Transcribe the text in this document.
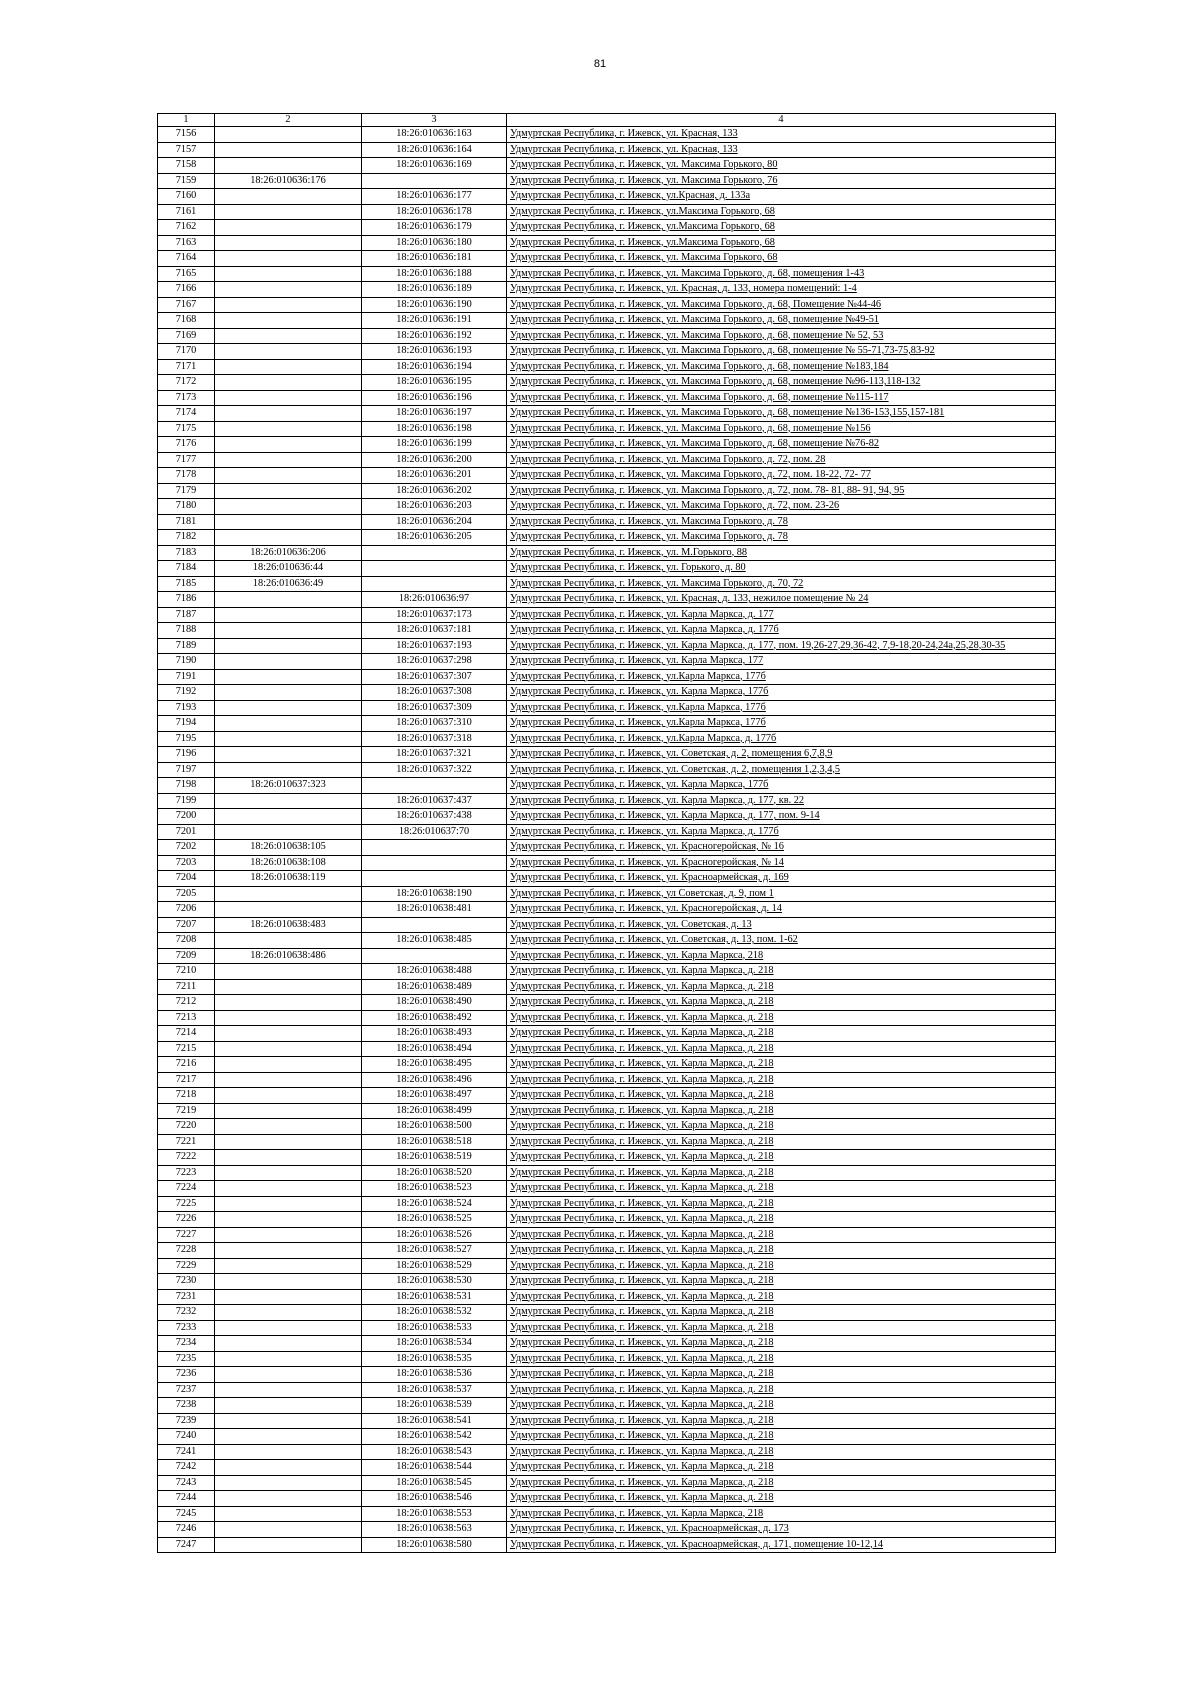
81
1	2	3	4
7156		18:26:010636:163	Удмуртская Республика, г. Ижевск, ул. Красная, 133
7157		18:26:010636:164	Удмуртская Республика, г. Ижевск, ул. Красная, 133
7158		18:26:010636:169	Удмуртская Республика, г. Ижевск, ул. Максима Горького, 80
7159	18:26:010636:176		Удмуртская Республика, г. Ижевск, ул. Максима Горького, 76
7160		18:26:010636:177	Удмуртская Республика, г. Ижевск, ул.Красная, д. 133а
7161		18:26:010636:178	Удмуртская Республика, г. Ижевск, ул.Максима Горького, 68
7162		18:26:010636:179	Удмуртская Республика, г. Ижевск, ул.Максима Горького, 68
7163		18:26:010636:180	Удмуртская Республика, г. Ижевск, ул.Максима Горького, 68
7164		18:26:010636:181	Удмуртская Республика, г. Ижевск, ул. Максима Горького, 68
7165		18:26:010636:188	Удмуртская Республика, г. Ижевск, ул. Максима Горького, д. 68, помещения 1-43
7166		18:26:010636:189	Удмуртская Республика, г. Ижевск, ул. Красная, д. 133, номера помещений: 1-4
7167		18:26:010636:190	Удмуртская Республика, г. Ижевск, ул. Максима Горького, д. 68, Помещение №44-46
7168		18:26:010636:191	Удмуртская Республика, г. Ижевск, ул. Максима Горького, д. 68, помещение №49-51
7169		18:26:010636:192	Удмуртская Республика, г. Ижевск, ул. Максима Горького, д. 68, помещение № 52, 53
7170		18:26:010636:193	Удмуртская Республика, г. Ижевск, ул. Максима Горького, д. 68, помещение № 55-71,73-75,83-92
7171		18:26:010636:194	Удмуртская Республика, г. Ижевск, ул. Максима Горького, д. 68, помещение №183,184
7172		18:26:010636:195	Удмуртская Республика, г. Ижевск, ул. Максима Горького, д. 68, помещение №96-113,118-132
7173		18:26:010636:196	Удмуртская Республика, г. Ижевск, ул. Максима Горького, д. 68, помещение №115-117
7174		18:26:010636:197	Удмуртская Республика, г. Ижевск, ул. Максима Горького, д. 68, помещение №136-153,155,157-181
7175		18:26:010636:198	Удмуртская Республика, г. Ижевск, ул. Максима Горького, д. 68, помещение №156
7176		18:26:010636:199	Удмуртская Республика, г. Ижевск, ул. Максима Горького, д. 68, помещение №76-82
7177		18:26:010636:200	Удмуртская Республика, г. Ижевск, ул. Максима Горького, д. 72, пом. 28
7178		18:26:010636:201	Удмуртская Республика, г. Ижевск, ул. Максима Горького, д. 72, пом. 18-22, 72- 77
7179		18:26:010636:202	Удмуртская Республика, г. Ижевск, ул. Максима Горького, д. 72, пом. 78- 81, 88- 91, 94, 95
7180		18:26:010636:203	Удмуртская Республика, г. Ижевск, ул. Максима Горького, д. 72, пом. 23-26
7181		18:26:010636:204	Удмуртская Республика, г. Ижевск, ул. Максима Горького, д. 78
7182		18:26:010636:205	Удмуртская Республика, г. Ижевск, ул. Максима Горького, д. 78
7183	18:26:010636:206		Удмуртская Республика, г. Ижевск, ул. М.Горького, 88
7184	18:26:010636:44		Удмуртская Республика, г. Ижевск, ул. Горького, д. 80
7185	18:26:010636:49		Удмуртская Республика, г. Ижевск, ул. Максима Горького, д. 70, 72
7186		18:26:010636:97	Удмуртская Республика, г. Ижевск, ул. Красная, д. 133, нежилое помещение № 24
7187		18:26:010637:173	Удмуртская Республика, г. Ижевск, ул. Карла Маркса, д. 177
7188		18:26:010637:181	Удмуртская Республика, г. Ижевск, ул. Карла Маркса, д. 177б
7189		18:26:010637:193	Удмуртская Республика, г. Ижевск, ул. Карла Маркса, д. 177, пом. 19,26-27,29,36-42, 7,9-18,20-24,24а,25,28,30-35
7190		18:26:010637:298	Удмуртская Республика, г. Ижевск, ул. Карла Маркса, 177
7191		18:26:010637:307	Удмуртская Республика, г. Ижевск, ул.Карла Маркса, 177б
7192		18:26:010637:308	Удмуртская Республика, г. Ижевск, ул. Карла Маркса, 177б
7193		18:26:010637:309	Удмуртская Республика, г. Ижевск, ул.Карла Маркса, 177б
7194		18:26:010637:310	Удмуртская Республика, г. Ижевск, ул.Карла Маркса, 177б
7195		18:26:010637:318	Удмуртская Республика, г. Ижевск, ул.Карла Маркса, д. 177б
7196		18:26:010637:321	Удмуртская Республика, г. Ижевск, ул. Советская, д. 2, помещения 6,7,8,9
7197		18:26:010637:322	Удмуртская Республика, г. Ижевск, ул. Советская, д. 2, помещения 1,2,3,4,5
7198	18:26:010637:323		Удмуртская Республика, г. Ижевск, ул. Карла Маркса, 177б
7199		18:26:010637:437	Удмуртская Республика, г. Ижевск, ул. Карла Маркса, д. 177, кв. 22
7200		18:26:010637:438	Удмуртская Республика, г. Ижевск, ул. Карла Маркса, д. 177, пом. 9-14
7201		18:26:010637:70	Удмуртская Республика, г. Ижевск, ул. Карла Маркса, д. 177б
7202	18:26:010638:105		Удмуртская Республика, г. Ижевск, ул. Красногеройская, № 16
7203	18:26:010638:108		Удмуртская Республика, г. Ижевск, ул. Красногеройская, № 14
7204	18:26:010638:119		Удмуртская Республика, г. Ижевск, ул. Красноармейская, д. 169
7205		18:26:010638:190	Удмуртская Республика, г. Ижевск, ул Советская, д. 9, пом 1
7206		18:26:010638:481	Удмуртская Республика, г. Ижевск, ул. Красногеройская, д. 14
7207	18:26:010638:483		Удмуртская Республика, г. Ижевск, ул. Советская, д. 13
7208		18:26:010638:485	Удмуртская Республика, г. Ижевск, ул. Советская, д. 13, пом. 1-62
7209	18:26:010638:486		Удмуртская Республика, г. Ижевск, ул. Карла Маркса, 218
7210		18:26:010638:488	Удмуртская Республика, г. Ижевск, ул. Карла Маркса, д. 218
7211		18:26:010638:489	Удмуртская Республика, г. Ижевск, ул. Карла Маркса, д. 218
7212		18:26:010638:490	Удмуртская Республика, г. Ижевск, ул. Карла Маркса, д. 218
7213		18:26:010638:492	Удмуртская Республика, г. Ижевск, ул. Карла Маркса, д. 218
7214		18:26:010638:493	Удмуртская Республика, г. Ижевск, ул. Карла Маркса, д. 218
7215		18:26:010638:494	Удмуртская Республика, г. Ижевск, ул. Карла Маркса, д. 218
7216		18:26:010638:495	Удмуртская Республика, г. Ижевск, ул. Карла Маркса, д. 218
7217		18:26:010638:496	Удмуртская Республика, г. Ижевск, ул. Карла Маркса, д. 218
7218		18:26:010638:497	Удмуртская Республика, г. Ижевск, ул. Карла Маркса, д. 218
7219		18:26:010638:499	Удмуртская Республика, г. Ижевск, ул. Карла Маркса, д. 218
7220		18:26:010638:500	Удмуртская Республика, г. Ижевск, ул. Карла Маркса, д. 218
7221		18:26:010638:518	Удмуртская Республика, г. Ижевск, ул. Карла Маркса, д. 218
7222		18:26:010638:519	Удмуртская Республика, г. Ижевск, ул. Карла Маркса, д. 218
7223		18:26:010638:520	Удмуртская Республика, г. Ижевск, ул. Карла Маркса, д. 218
7224		18:26:010638:523	Удмуртская Республика, г. Ижевск, ул. Карла Маркса, д. 218
7225		18:26:010638:524	Удмуртская Республика, г. Ижевск, ул. Карла Маркса, д. 218
7226		18:26:010638:525	Удмуртская Республика, г. Ижевск, ул. Карла Маркса, д. 218
7227		18:26:010638:526	Удмуртская Республика, г. Ижевск, ул. Карла Маркса, д. 218
7228		18:26:010638:527	Удмуртская Республика, г. Ижевск, ул. Карла Маркса, д. 218
7229		18:26:010638:529	Удмуртская Республика, г. Ижевск, ул. Карла Маркса, д. 218
7230		18:26:010638:530	Удмуртская Республика, г. Ижевск, ул. Карла Маркса, д. 218
7231		18:26:010638:531	Удмуртская Республика, г. Ижевск, ул. Карла Маркса, д. 218
7232		18:26:010638:532	Удмуртская Республика, г. Ижевск, ул. Карла Маркса, д. 218
7233		18:26:010638:533	Удмуртская Республика, г. Ижевск, ул. Карла Маркса, д. 218
7234		18:26:010638:534	Удмуртская Республика, г. Ижевск, ул. Карла Маркса, д. 218
7235		18:26:010638:535	Удмуртская Республика, г. Ижевск, ул. Карла Маркса, д. 218
7236		18:26:010638:536	Удмуртская Республика, г. Ижевск, ул. Карла Маркса, д. 218
7237		18:26:010638:537	Удмуртская Республика, г. Ижевск, ул. Карла Маркса, д. 218
7238		18:26:010638:539	Удмуртская Республика, г. Ижевск, ул. Карла Маркса, д. 218
7239		18:26:010638:541	Удмуртская Республика, г. Ижевск, ул. Карла Маркса, д. 218
7240		18:26:010638:542	Удмуртская Республика, г. Ижевск, ул. Карла Маркса, д. 218
7241		18:26:010638:543	Удмуртская Республика, г. Ижевск, ул. Карла Маркса, д. 218
7242		18:26:010638:544	Удмуртская Республика, г. Ижевск, ул. Карла Маркса, д. 218
7243		18:26:010638:545	Удмуртская Республика, г. Ижевск, ул. Карла Маркса, д. 218
7244		18:26:010638:546	Удмуртская Республика, г. Ижевск, ул. Карла Маркса, д. 218
7245		18:26:010638:553	Удмуртская Республика, г. Ижевск, ул. Карла Маркса, 218
7246		18:26:010638:563	Удмуртская Республика, г. Ижевск, ул. Красноармейская, д. 173
7247		18:26:010638:580	Удмуртская Республика, г. Ижевск, ул. Красноармейская, д. 171, помещение 10-12,14
